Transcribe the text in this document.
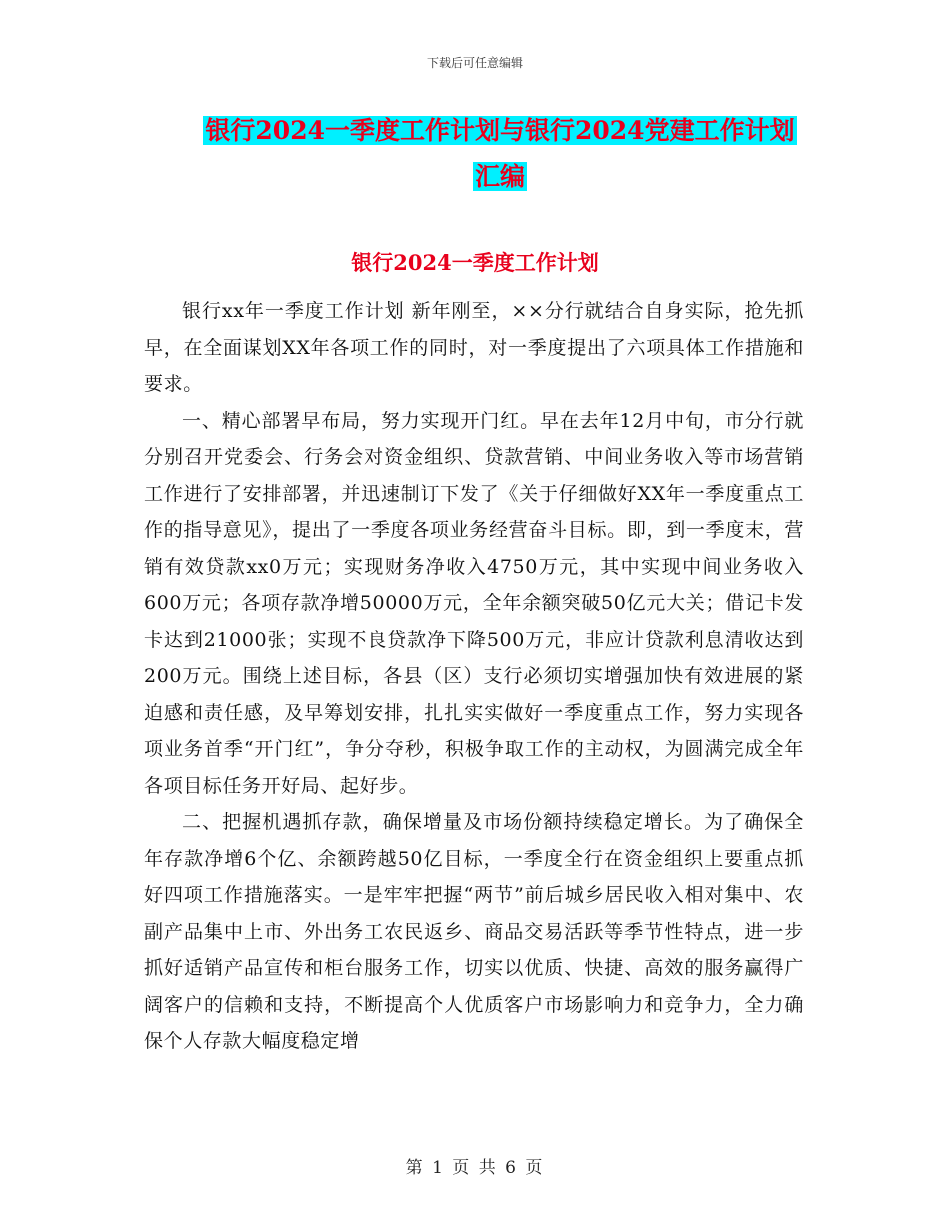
下载后可任意编辑
银行2024一季度工作计划与银行2024党建工作计划
汇编
银行2024一季度工作计划

银行xx年一季度工作计划 新年刚至，××分行就结合自身实际，抢先抓早，在全面谋划XX年各项工作的同时，对一季度提出了六项具体工作措施和要求。

一、精心部署早布局，努力实现开门红。早在去年12月中旬，市分行就分别召开党委会、行务会对资金组织、贷款营销、中间业务收入等市场营销工作进行了安排部署，并迅速制订下发了《关于仔细做好XX年一季度重点工作的指导意见》，提出了一季度各项业务经营奋斗目标。即，到一季度末，营销有效贷款xx0万元；实现财务净收入4750万元，其中实现中间业务收入600万元；各项存款净增50000万元，全年余额突破50亿元大关；借记卡发卡达到21000张；实现不良贷款净下降500万元，非应计贷款利息清收达到200万元。围绕上述目标，各县（区）支行必须切实增强加快有效进展的紧迫感和责任感，及早筹划安排，扎扎实实做好一季度重点工作，努力实现各项业务首季“开门红”，争分夺秒，积极争取工作的主动权，为圆满完成全年各项目标任务开好局、起好步。

二、把握机遇抓存款，确保增量及市场份额持续稳定增长。为了确保全年存款净增6个亿、余额跨越50亿目标，一季度全行在资金组织上要重点抓好四项工作措施落实。一是牢牢把握“两节”前后城乡居民收入相对集中、农副产品集中上市、外出务工农民返乡、商品交易活跃等季节性特点，进一步抓好适销产品宣传和柜台服务工作，切实以优质、快捷、高效的服务赢得广阔客户的信赖和支持，不断提高个人优质客户市场影响力和竞争力，全力确保个人存款大幅度稳定增

第 1 页 共 6 页
